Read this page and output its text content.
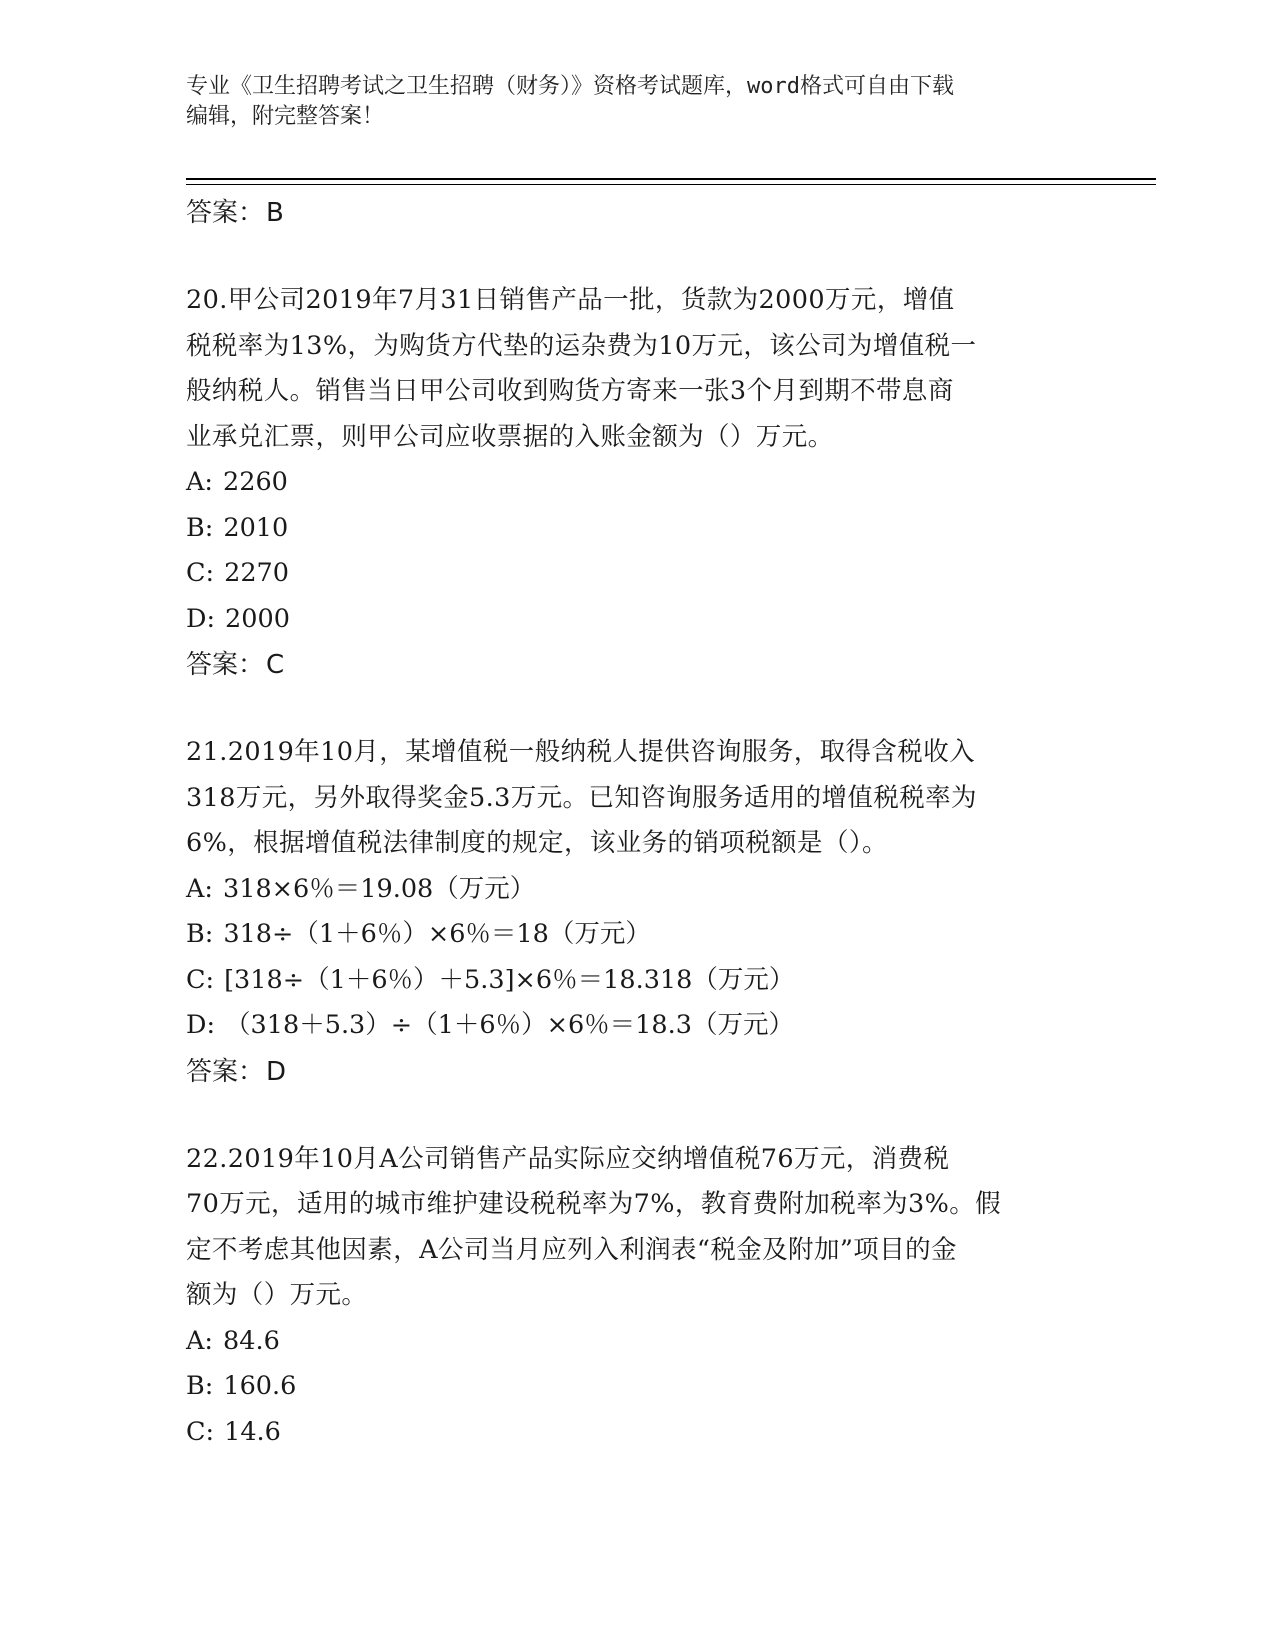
专业《卫生招聘考试之卫生招聘（财务）》资格考试题库，word格式可自由下载
编辑，附完整答案！
答案：B

20.甲公司2019年7月31日销售产品一批，货款为2000万元，增值

税税率为13%，为购货方代垫的运杂费为10万元，该公司为增值税一

般纳税人。销售当日甲公司收到购货方寄来一张3个月到期不带息商

业承兑汇票，则甲公司应收票据的入账金额为（）万元。

A: 2260
B: 2010
C: 2270
D: 2000
答案：C

21.2019年10月，某增值税一般纳税人提供咨询服务，取得含税收入

318万元，另外取得奖金5.3万元。已知咨询服务适用的增值税税率为

6%，根据增值税法律制度的规定，该业务的销项税额是（）。

A: 318×6％＝19.08（万元）
B: 318÷（1＋6％）×6％＝18（万元）
C: [318÷（1＋6％）＋5.3]×6％＝18.318（万元）
D: （318＋5.3）÷（1＋6％）×6％＝18.3（万元）
答案：D

22.2019年10月A公司销售产品实际应交纳增值税76万元，消费税

70万元，适用的城市维护建设税税率为7%，教育费附加税率为3%。假

定不考虑其他因素，A公司当月应列入利润表“税金及附加”项目的金

额为（）万元。

A: 84.6
B: 160.6
C: 14.6
